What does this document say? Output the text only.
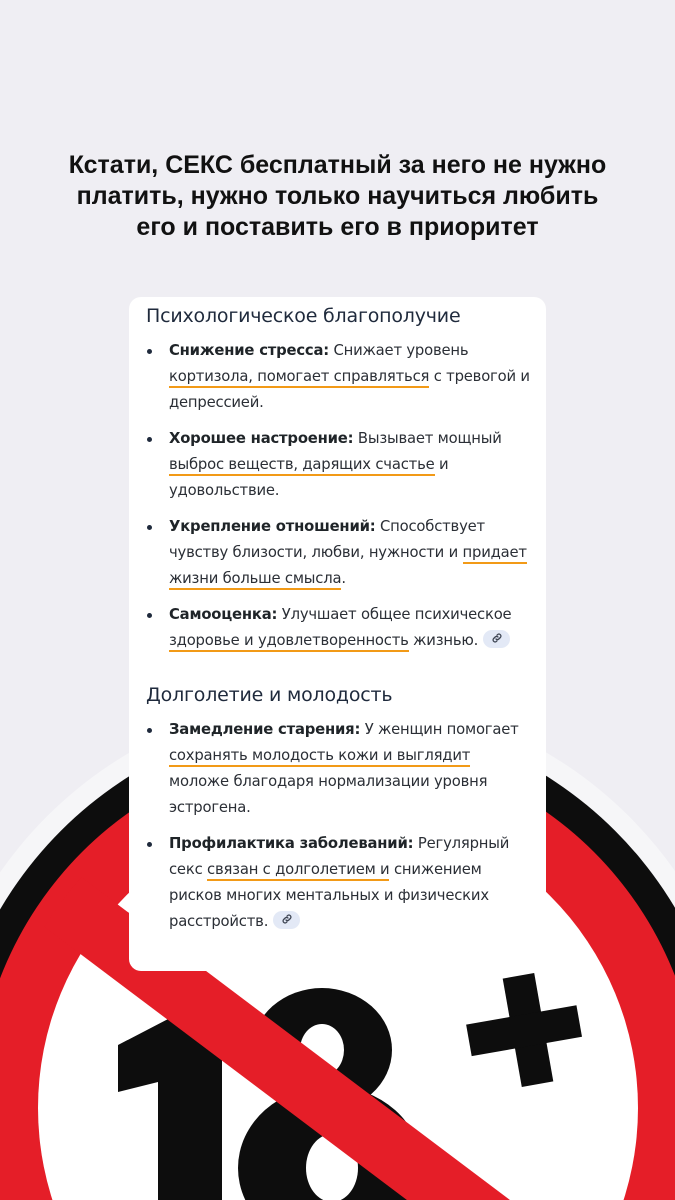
Кстати, СЕКС бесплатный за него не нужно
платить, нужно только научиться любить
его и поставить его в приоритет
Психологическое благополучие
Снижение стресса: Снижает уровень кортизола, помогает справляться с тревогой и депрессией.
Хорошее настроение: Вызывает мощный выброс веществ, дарящих счастье и удовольствие.
Укрепление отношений: Способствует чувству близости, любви, нужности и придает жизни больше смысла.
Самооценка: Улучшает общее психическое здоровье и удовлетворенность жизнью.
Долголетие и молодость
Замедление старения: У женщин помогает сохранять молодость кожи и выглядит моложе благодаря нормализации уровня эстрогена.
Профилактика заболеваний: Регулярный секс связан с долголетием и снижением рисков многих ментальных и физических расстройств.
